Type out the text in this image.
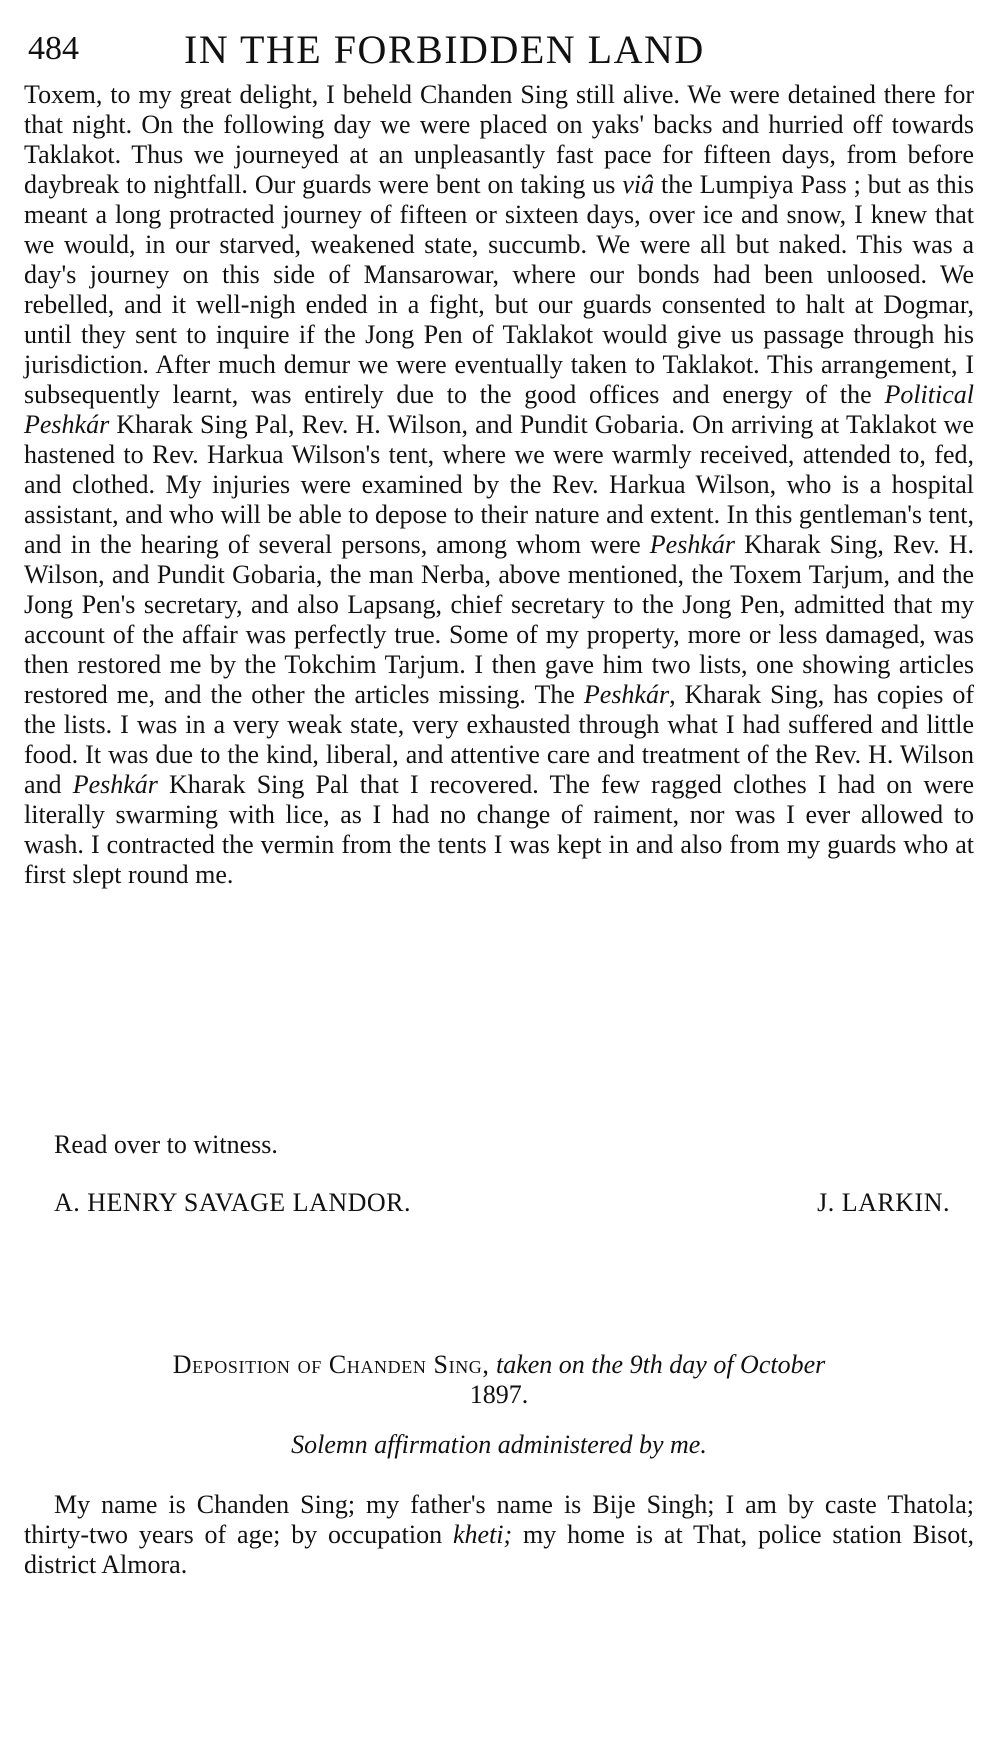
484	IN THE FORBIDDEN LAND

Toxem, to my great delight, I beheld Chanden Sing still alive. We were detained there for that night. On the following day we were placed on yaks' backs and hurried off towards Taklakot. Thus we journeyed at an unpleasantly fast pace for fifteen days, from before daybreak to nightfall. Our guards were bent on taking us viâ the Lumpiya Pass ; but as this meant a long protracted journey of fifteen or sixteen days, over ice and snow, I knew that we would, in our starved, weakened state, succumb. We were all but naked. This was a day's journey on this side of Mansarowar, where our bonds had been unloosed. We rebelled, and it well-nigh ended in a fight, but our guards consented to halt at Dogmar, until they sent to inquire if the Jong Pen of Taklakot would give us passage through his jurisdiction. After much demur we were eventually taken to Taklakot. This arrangement, I subsequently learnt, was entirely due to the good offices and energy of the Political Peshkár Kharak Sing Pal, Rev. H. Wilson, and Pundit Gobaria. On arriving at Taklakot we hastened to Rev. Harkua Wilson's tent, where we were warmly received, attended to, fed, and clothed. My injuries were examined by the Rev. Harkua Wilson, who is a hospital assistant, and who will be able to depose to their nature and extent. In this gentleman's tent, and in the hearing of several persons, among whom were Peshkár Kharak Sing, Rev. H. Wilson, and Pundit Gobaria, the man Nerba, above mentioned, the Toxem Tarjum, and the Jong Pen's secretary, and also Lapsang, chief secretary to the Jong Pen, admitted that my account of the affair was perfectly true. Some of my property, more or less damaged, was then restored me by the Tokchim Tarjum. I then gave him two lists, one showing articles restored me, and the other the articles missing. The Peshkár, Kharak Sing, has copies of the lists. I was in a very weak state, very exhausted through what I had suffered and little food. It was due to the kind, liberal, and attentive care and treatment of the Rev. H. Wilson and Peshkár Kharak Sing Pal that I recovered. The few ragged clothes I had on were literally swarming with lice, as I had no change of raiment, nor was I ever allowed to wash. I contracted the vermin from the tents I was kept in and also from my guards who at first slept round me.

Read over to witness.
A. HENRY SAVAGE LANDOR.	J. LARKIN.
Deposition of Chanden Sing, taken on the 9th day of October
1897.
Solemn affirmation administered by me.
My name is Chanden Sing; my father's name is Bije Singh; I am by caste Thatola; thirty-two years of age; by occupation kheti; my home is at That, police station Bisot, district Almora.
